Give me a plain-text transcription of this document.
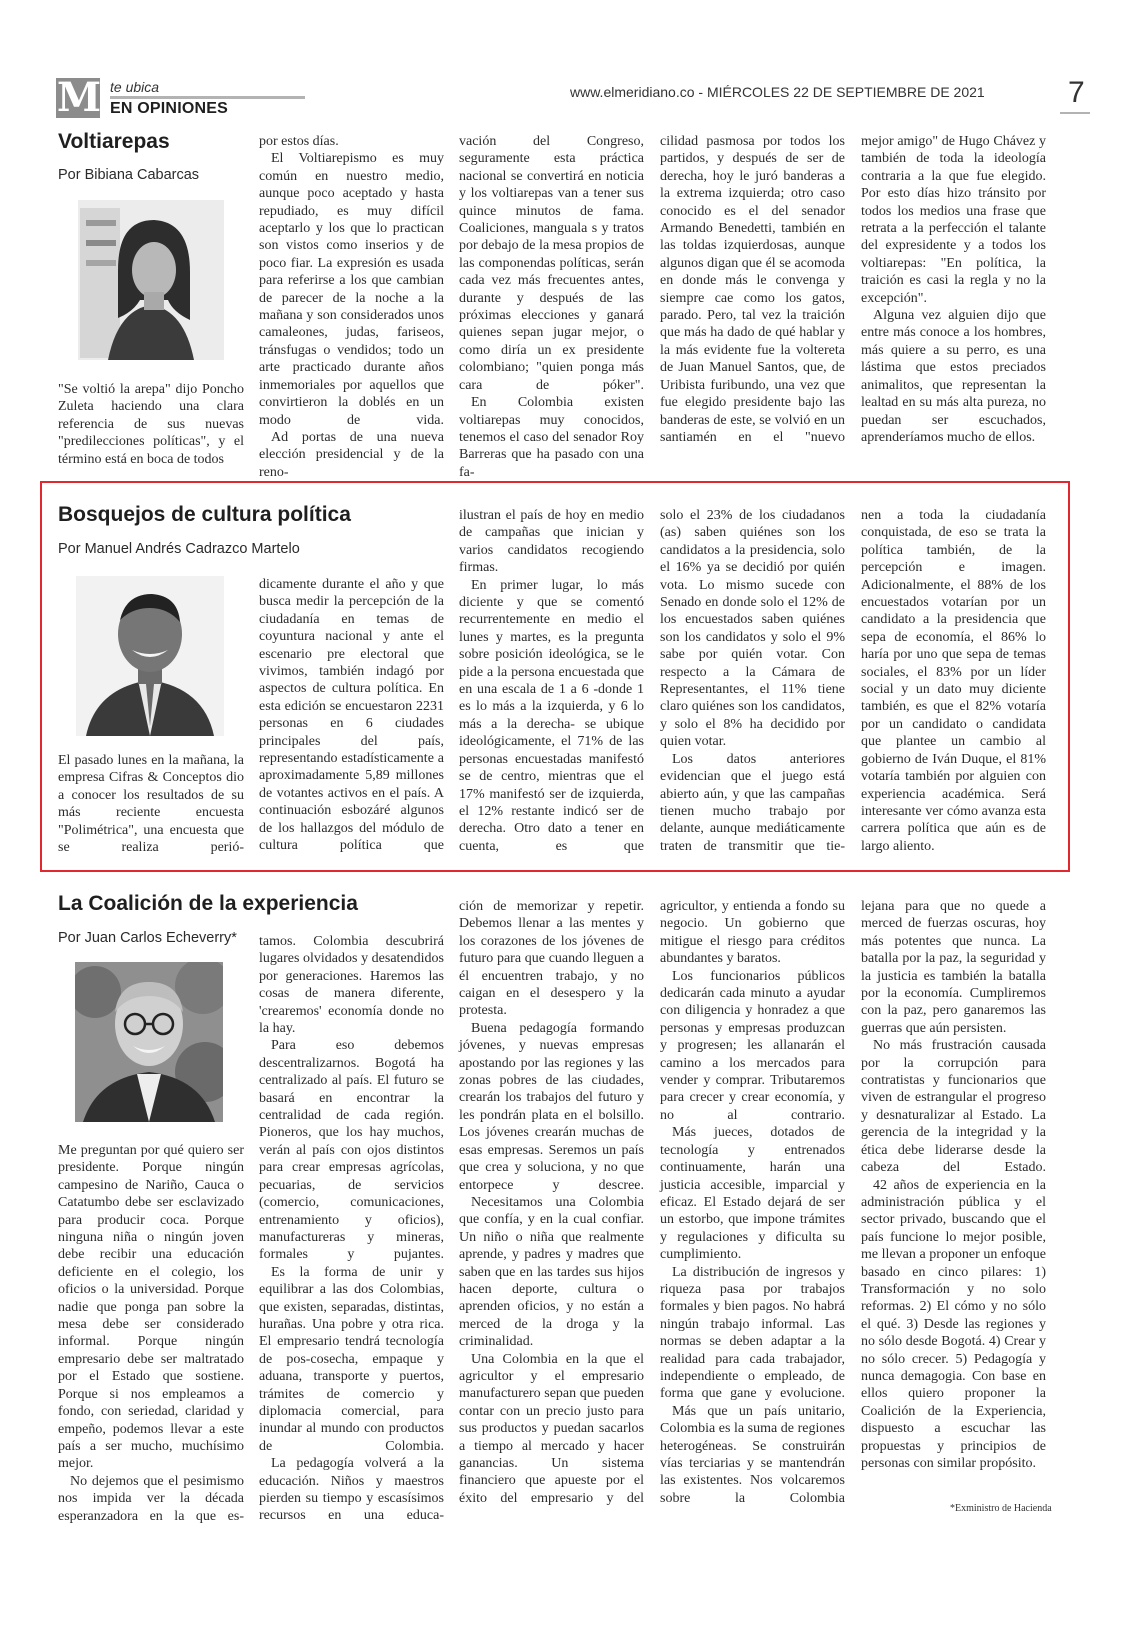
M te ubica
EN OPINIONES
www.elmeridiano.co - MIÉRCOLES 22 DE SEPTIEMBRE DE 2021	7
Voltiarepas
Por Bibiana Cabarcas

"Se voltió la arepa" dijo Poncho Zuleta haciendo una clara referencia de sus nuevas "predilecciones políticas", y el término está en boca de todos

por estos días.

El Voltiarepismo es muy común en nuestro medio, aunque poco aceptado y hasta repudiado, es muy difícil aceptarlo y los que lo practican son vistos como inserios y de poco fiar. La expresión es usada para referirse a los que cambian de parecer de la noche a la mañana y son considerados unos camaleones, judas, fariseos, tránsfugas o vendidos; todo un arte practicado durante años inmemoriales por aquellos que convirtieron la doblés en un modo de vida.

Ad portas de una nueva elección presidencial y de la reno-

vación del Congreso, seguramente esta práctica nacional se convertirá en noticia y los voltiarepas van a tener sus quince minutos de fama. Coaliciones, manguala s y tratos por debajo de la mesa propios de las componendas políticas, serán cada vez más frecuentes antes, durante y después de las próximas elecciones y ganará quienes sepan jugar mejor, o como diría un ex presidente colombiano; "quien ponga más cara de póker".

En Colombia existen voltiarepas muy conocidos, tenemos el caso del senador Roy Barreras que ha pasado con una fa-

cilidad pasmosa por todos los partidos, y después de ser de derecha, hoy le juró banderas a la extrema izquierda; otro caso conocido es el del senador Armando Benedetti, también en las toldas izquierdosas, aunque algunos digan que él se acomoda en donde más le convenga y siempre cae como los gatos, parado. Pero, tal vez la traición que más ha dado de qué hablar y la más evidente fue la voltereta de Juan Manuel Santos, que, de Uribista furibundo, una vez que fue elegido presidente bajo las banderas de este, se volvió en un santiamén en el "nuevo

mejor amigo" de Hugo Chávez y también de toda la ideología contraria a la que fue elegido. Por esto días hizo tránsito por todos los medios una frase que retrata a la perfección el talante del expresidente y a todos los voltiarepas: "En política, la traición es casi la regla y no la excepción".

Alguna vez alguien dijo que entre más conoce a los hombres, más quiere a su perro, es una lástima que estos preciados animalitos, que representan la lealtad en su más alta pureza, no puedan ser escuchados, aprenderíamos mucho de ellos.

Bosquejos de cultura política
Por Manuel Andrés Cadrazco Martelo

El pasado lunes en la mañana, la empresa Cifras & Conceptos dio a conocer los resultados de su más reciente encuesta "Polimétrica", una encuesta que se realiza perió-

dicamente durante el año y que busca medir la percepción de la ciudadanía en temas de coyuntura nacional y ante el escenario pre electoral que vivimos, también indagó por aspectos de cultura política. En esta edición se encuestaron 2231 personas en 6 ciudades principales del país, representando estadísticamente a aproximadamente 5,89 millones de votantes activos en el país. A continuación esbozáré algunos de los hallazgos del módulo de cultura política que

ilustran el país de hoy en medio de campañas que inician y varios candidatos recogiendo firmas.

En primer lugar, lo más diciente y que se comentó recurrentemente en medio el lunes y martes, es la pregunta sobre posición ideológica, se le pide a la persona encuestada que en una escala de 1 a 6 -donde 1 es lo más a la izquierda, y 6 lo más a la derecha- se ubique ideológicamente, el 71% de las personas encuestadas manifestó se de centro, mientras que el 17% manifestó ser de izquierda, el 12% restante indicó ser de derecha. Otro dato a tener en cuenta, es que

solo el 23% de los ciudadanos (as) saben quiénes son los candidatos a la presidencia, solo el 16% ya se decidió por quién vota. Lo mismo sucede con Senado en donde solo el 12% de los encuestados saben quiénes son los candidatos y solo el 9% sabe por quién votar. Con respecto a la Cámara de Representantes, el 11% tiene claro quiénes son los candidatos, y solo el 8% ha decidido por quien votar.

Los datos anteriores evidencian que el juego está abierto aún, y que las campañas tienen mucho trabajo por delante, aunque mediáticamente traten de transmitir que tie-

nen a toda la ciudadanía conquistada, de eso se trata la política también, de la percepción e imagen. Adicionalmente, el 88% de los encuestados votarían por un candidato a la presidencia que sepa de economía, el 86% lo haría por uno que sepa de temas sociales, el 83% por un líder social y un dato muy diciente también, es que el 82% votaría por un candidato o candidata que plantee un cambio al gobierno de Iván Duque, el 81% votaría también por alguien con experiencia académica. Será interesante ver cómo avanza esta carrera política que aún es de largo aliento.

La Coalición de la experiencia
Por Juan Carlos Echeverry*

Me preguntan por qué quiero ser presidente. Porque ningún campesino de Nariño, Cauca o Catatumbo debe ser esclavizado para producir coca. Porque ninguna niña o ningún joven debe recibir una educación deficiente en el colegio, los oficios o la universidad. Porque nadie que ponga pan sobre la mesa debe ser considerado informal. Porque ningún empresario debe ser maltratado por el Estado que sostiene. Porque si nos empleamos a fondo, con seriedad, claridad y empeño, podemos llevar a este país a ser mucho, muchísimo mejor.

No dejemos que el pesimismo nos impida ver la década esperanzadora en la que es-

tamos. Colombia descubrirá lugares olvidados y desatendidos por generaciones. Haremos las cosas de manera diferente, 'crearemos' economía donde no la hay.

Para eso debemos descentralizarnos. Bogotá ha centralizado al país. El futuro se basará en encontrar la centralidad de cada región. Pioneros, que los hay muchos, verán al país con ojos distintos para crear empresas agrícolas, pecuarias, de servicios (comercio, comunicaciones, entrenamiento y oficios), manufactureras y mineras, formales y pujantes.

Es la forma de unir y equilibrar a las dos Colombias, que existen, separadas, distintas, hurañas. Una pobre y otra rica. El empresario tendrá tecnología de pos-cosecha, empaque y aduana, transporte y puertos, trámites de comercio y diplomacia comercial, para inundar al mundo con productos de Colombia.

La pedagogía volverá a la educación. Niños y maestros pierden su tiempo y escasísimos recursos en una educa-

ción de memorizar y repetir. Debemos llenar a las mentes y los corazones de los jóvenes de futuro para que cuando lleguen a él encuentren trabajo, y no caigan en el desespero y la protesta.

Buena pedagogía formando jóvenes, y nuevas empresas apostando por las regiones y las zonas pobres de las ciudades, crearán los trabajos del futuro y les pondrán plata en el bolsillo. Los jóvenes crearán muchas de esas empresas. Seremos un país que crea y soluciona, y no que entorpece y descree.

Necesitamos una Colombia que confía, y en la cual confiar. Un niño o niña que realmente aprende, y padres y madres que saben que en las tardes sus hijos hacen deporte, cultura o aprenden oficios, y no están a merced de la droga y la criminalidad.

Una Colombia en la que el agricultor y el empresario manufacturero sepan que pueden contar con un precio justo para sus productos y puedan sacarlos a tiempo al mercado y hacer ganancias. Un sistema financiero que apueste por el éxito del empresario y del

agricultor, y entienda a fondo su negocio. Un gobierno que mitigue el riesgo para créditos abundantes y baratos.

Los funcionarios públicos dedicarán cada minuto a ayudar con diligencia y honradez a que personas y empresas produzcan y progresen; les allanarán el camino a los mercados para vender y comprar. Tributaremos para crecer y crear economía, y no al contrario.

Más jueces, dotados de tecnología y entrenados continuamente, harán una justicia accesible, imparcial y eficaz. El Estado dejará de ser un estorbo, que impone trámites y regulaciones y dificulta su cumplimiento.

La distribución de ingresos y riqueza pasa por trabajos formales y bien pagos. No habrá ningún trabajo informal. Las normas se deben adaptar a la realidad para cada trabajador, independiente o empleado, de forma que gane y evolucione.

Más que un país unitario, Colombia es la suma de regiones heterogéneas. Se construirán vías terciarias y se mantendrán las existentes. Nos volcaremos sobre la Colombia

lejana para que no quede a merced de fuerzas oscuras, hoy más potentes que nunca. La batalla por la paz, la seguridad y la justicia es también la batalla por la economía. Cumpliremos con la paz, pero ganaremos las guerras que aún persisten.

No más frustración causada por la corrupción para contratistas y funcionarios que viven de estrangular el progreso y desnaturalizar al Estado. La gerencia de la integridad y la ética debe liderarse desde la cabeza del Estado.

42 años de experiencia en la administración pública y el sector privado, buscando que el país funcione lo mejor posible, me llevan a proponer un enfoque basado en cinco pilares: 1) Transformación y no solo reformas. 2) El cómo y no sólo el qué. 3) Desde las regiones y no sólo desde Bogotá. 4) Crear y no sólo crecer. 5) Pedagogía y nunca demagogia. Con base en ellos quiero proponer la Coalición de la Experiencia, dispuesto a escuchar las propuestas y principios de personas con similar propósito.

*Exministro de Hacienda
